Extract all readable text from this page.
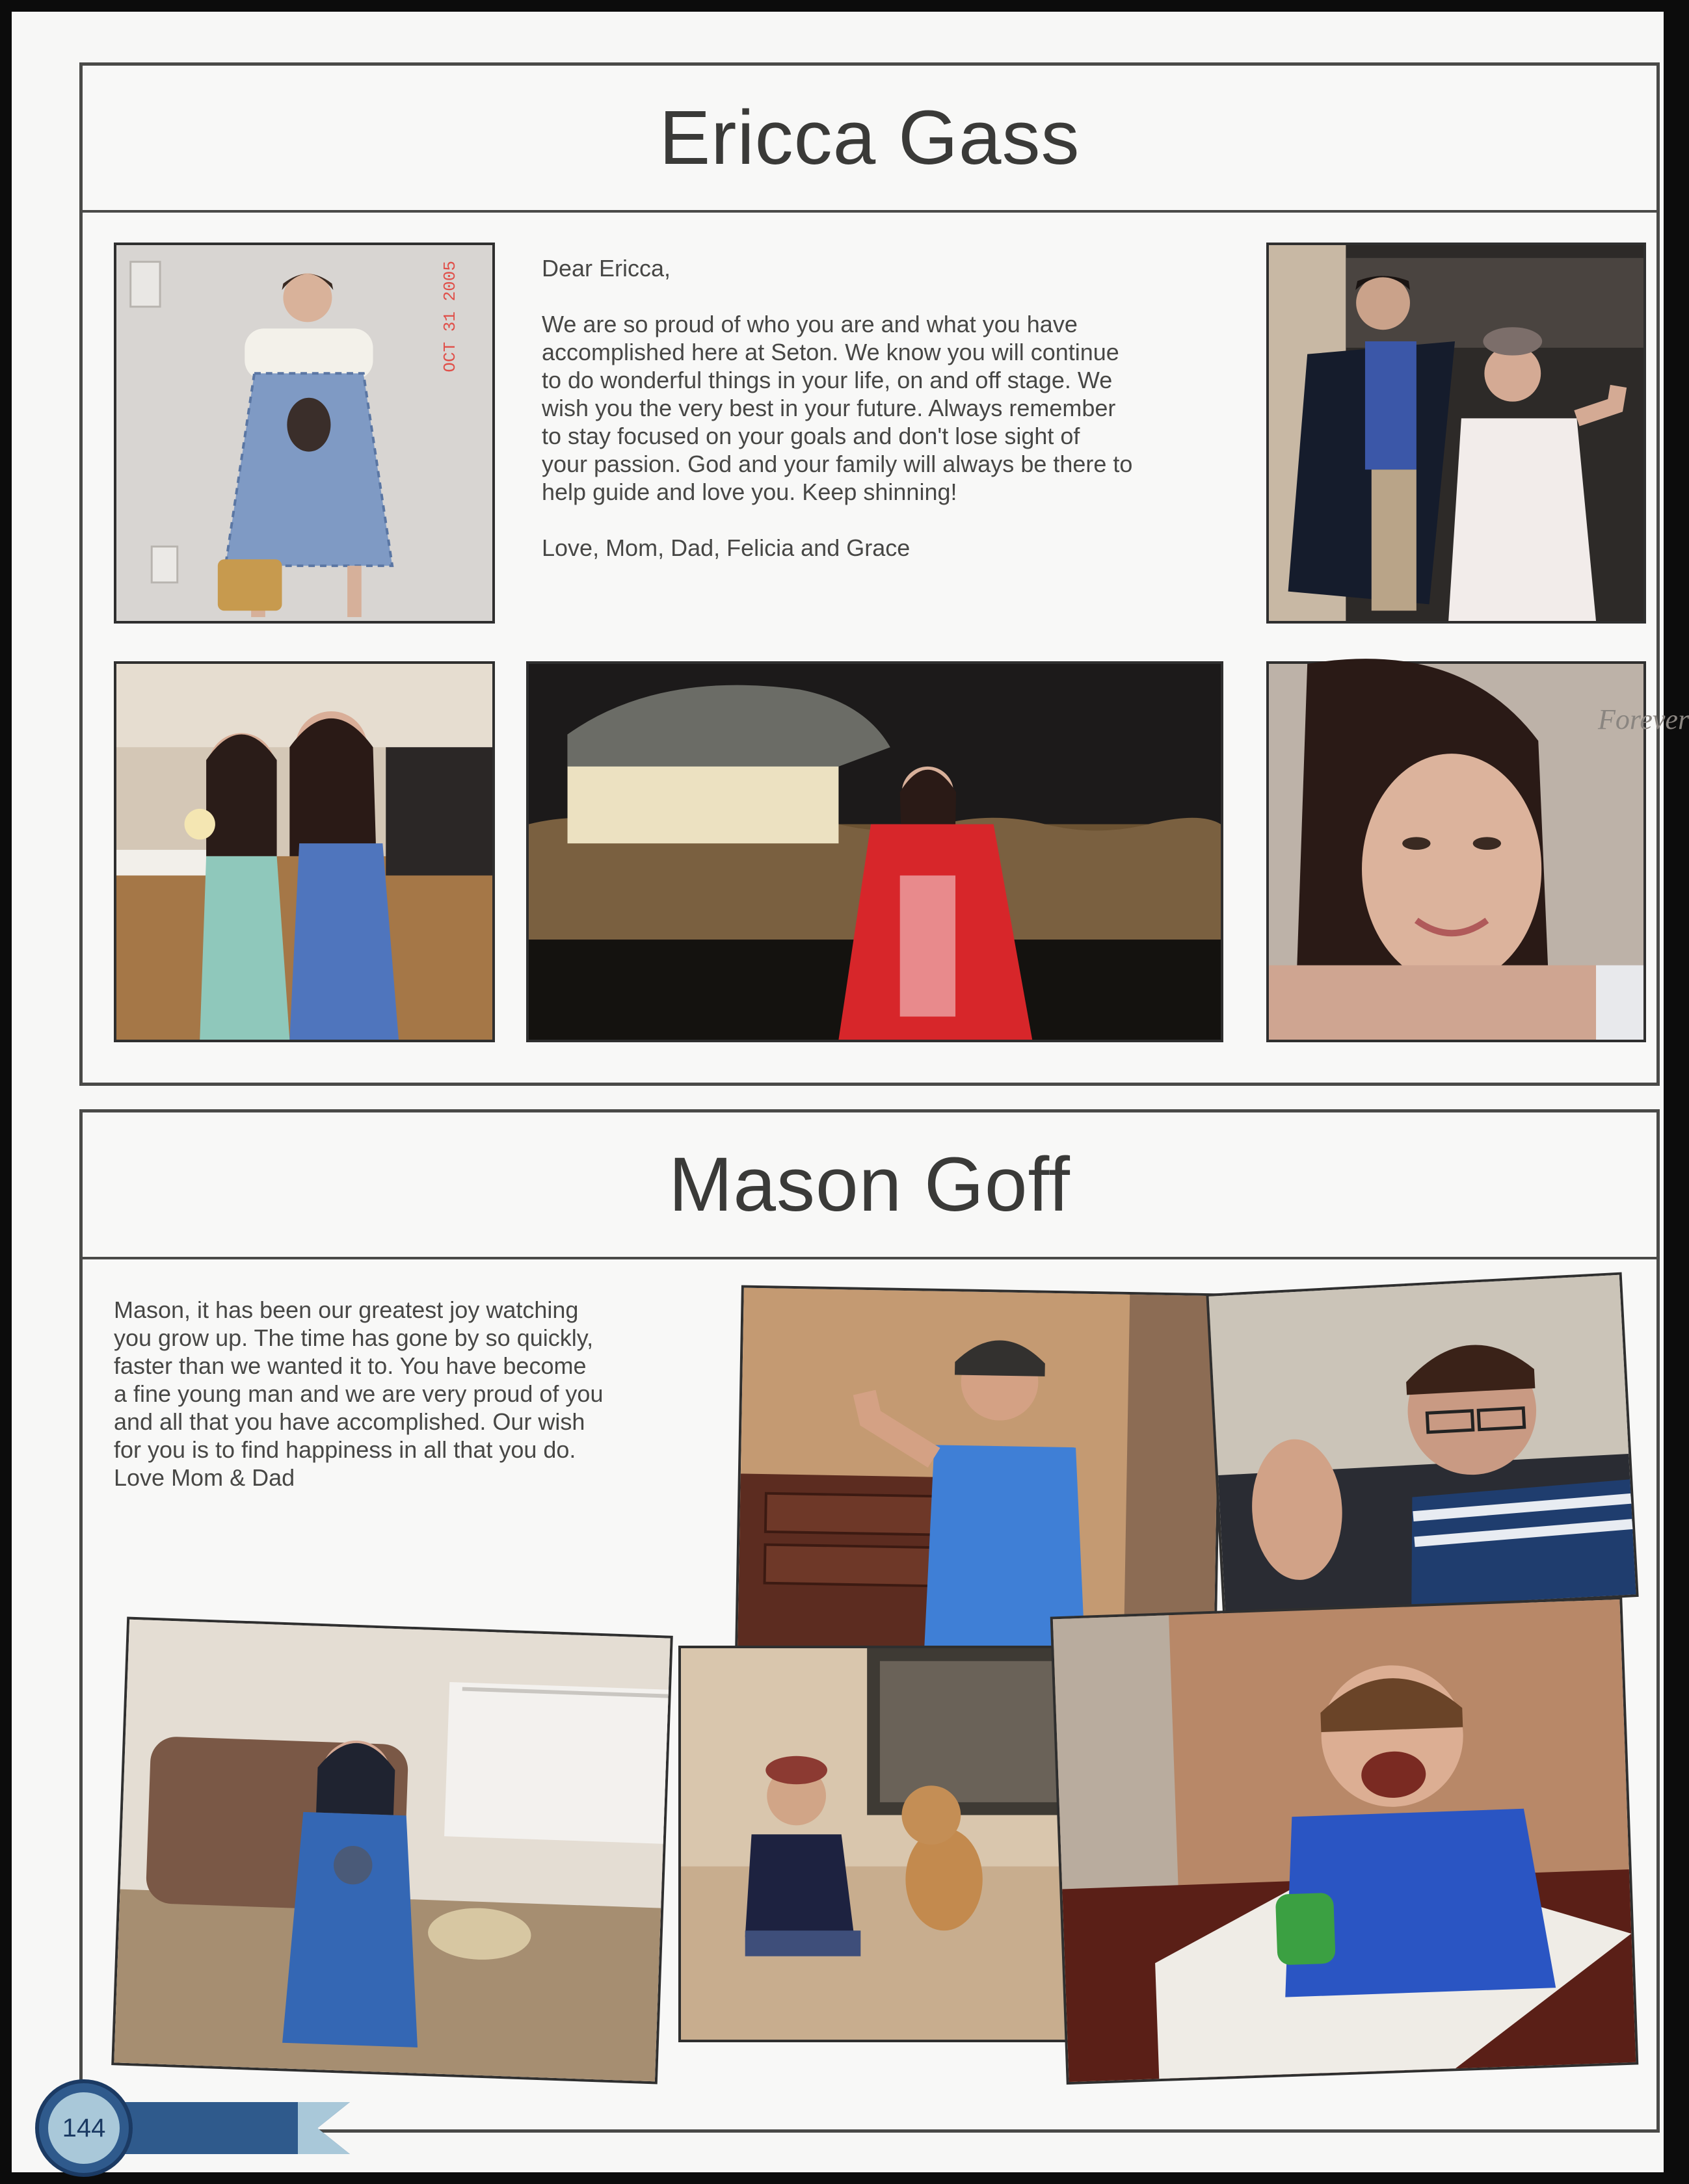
Ericca Gass
OCT 31 2005	Dear Ericca,

We are so proud of who you are and what you have
accomplished here at Seton. We know you will continue
to do wonderful things in your life, on and off stage. We
wish you the very best in your future. Always remember
to stay focused on your goals and don't lose sight of
your passion. God and your family will always be there to
help guide and love you. Keep shinning!

Love, Mom, Dad, Felicia and Grace
Forever
Mason Goff
Mason, it has been our greatest joy watching
you grow up. The time has gone by so quickly,
faster than we wanted it to. You have become
a fine young man and we are very proud of you
and all that you have accomplished. Our wish
for you is to find happiness in all that you do.
Love Mom & Dad
144
